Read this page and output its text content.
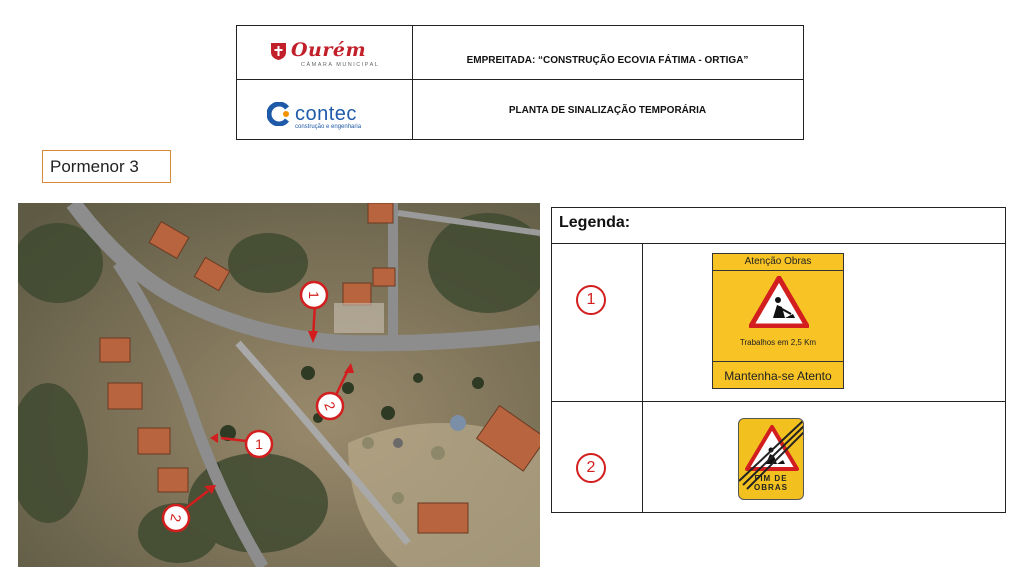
Ourém
CÂMARA MUNICIPAL
contec
construção e engenharia
EMPREITADA: “CONSTRUÇÃO ECOVIA FÁTIMA - ORTIGA”
PLANTA DE SINALIZAÇÃO TEMPORÁRIA
Pormenor 3
1
2
1
2
Legenda:
1
2
Atenção Obras
Trabalhos em 2,5 Km
Mantenha-se Atento
FIM DE
OBRAS
